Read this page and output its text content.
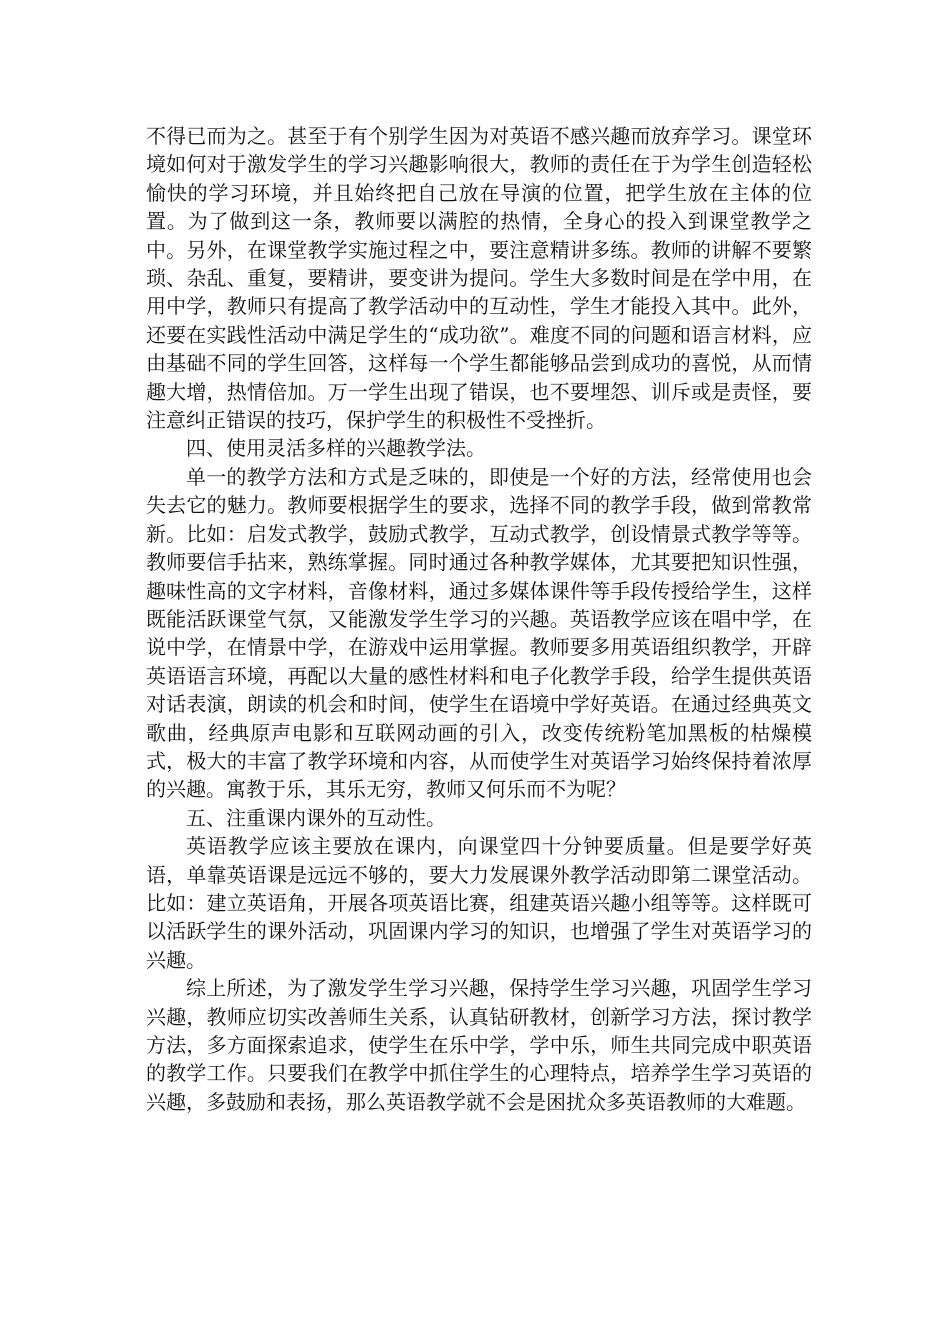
不得已而为之。甚至于有个别学生因为对英语不感兴趣而放弃学习。课堂环境如何对于激发学生的学习兴趣影响很大，教师的责任在于为学生创造轻松愉快的学习环境，并且始终把自己放在导演的位置，把学生放在主体的位置。为了做到这一条，教师要以满腔的热情，全身心的投入到课堂教学之中。另外，在课堂教学实施过程之中，要注意精讲多练。教师的讲解不要繁琐、杂乱、重复，要精讲，要变讲为提问。学生大多数时间是在学中用，在用中学，教师只有提高了教学活动中的互动性，学生才能投入其中。此外，还要在实践性活动中满足学生的“成功欲”。难度不同的问题和语言材料，应由基础不同的学生回答，这样每一个学生都能够品尝到成功的喜悦，从而情趣大增，热情倍加。万一学生出现了错误，也不要埋怨、训斥或是责怪，要注意纠正错误的技巧，保护学生的积极性不受挫折。

四、使用灵活多样的兴趣教学法。

单一的教学方法和方式是乏味的，即使是一个好的方法，经常使用也会失去它的魅力。教师要根据学生的要求，选择不同的教学手段，做到常教常新。比如：启发式教学，鼓励式教学，互动式教学，创设情景式教学等等。教师要信手拈来，熟练掌握。同时通过各种教学媒体，尤其要把知识性强，趣味性高的文字材料，音像材料，通过多媒体课件等手段传授给学生，这样既能活跃课堂气氛，又能激发学生学习的兴趣。英语教学应该在唱中学，在说中学，在情景中学，在游戏中运用掌握。教师要多用英语组织教学，开辟英语语言环境，再配以大量的感性材料和电子化教学手段，给学生提供英语对话表演，朗读的机会和时间，使学生在语境中学好英语。在通过经典英文歌曲，经典原声电影和互联网动画的引入，改变传统粉笔加黑板的枯燥模式，极大的丰富了教学环境和内容，从而使学生对英语学习始终保持着浓厚的兴趣。寓教于乐，其乐无穷，教师又何乐而不为呢？

五、注重课内课外的互动性。

英语教学应该主要放在课内，向课堂四十分钟要质量。但是要学好英语，单靠英语课是远远不够的，要大力发展课外教学活动即第二课堂活动。比如：建立英语角，开展各项英语比赛，组建英语兴趣小组等等。这样既可以活跃学生的课外活动，巩固课内学习的知识，也增强了学生对英语学习的兴趣。

综上所述，为了激发学生学习兴趣，保持学生学习兴趣，巩固学生学习兴趣，教师应切实改善师生关系，认真钻研教材，创新学习方法，探讨教学方法，多方面探索追求，使学生在乐中学，学中乐，师生共同完成中职英语的教学工作。只要我们在教学中抓住学生的心理特点，培养学生学习英语的兴趣，多鼓励和表扬，那么英语教学就不会是困扰众多英语教师的大难题。
